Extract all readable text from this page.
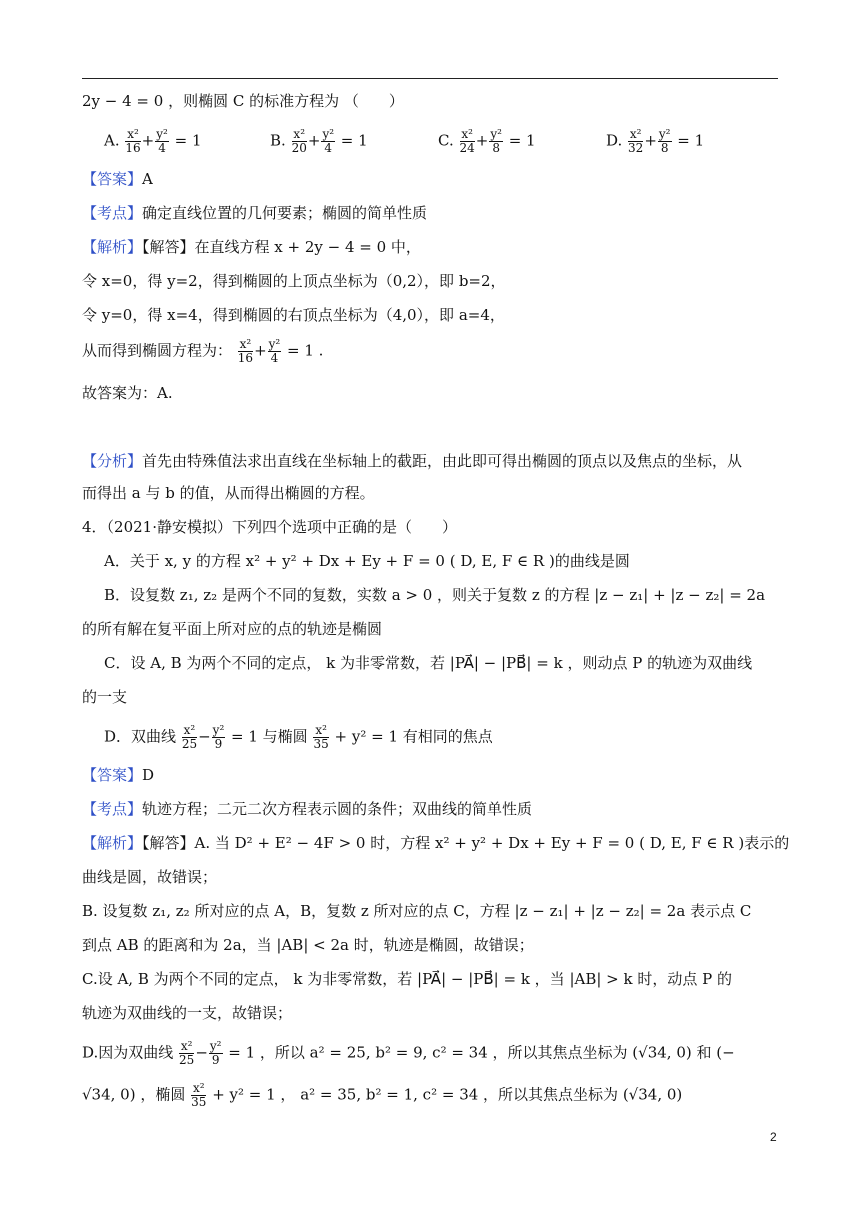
2y − 4 = 0 ，则椭圆 C 的标准方程为 （　　）
A. $\frac{\text{x²}}{16} + \frac{\text{y²}}{4} = 1$	B. $\frac{\text{x²}}{20} + \frac{\text{y²}}{4} = 1$	C. $\frac{\text{x²}}{24} + \frac{\text{y²}}{8} = 1$	D. $\frac{\text{x²}}{32} + \frac{\text{y²}}{8} = 1$
【答案】A
【考点】确定直线位置的几何要素；椭圆的简单性质
【解析】【解答】在直线方程 x + 2y − 4 = 0 中，
令 x=0，得 y=2，得到椭圆的上顶点坐标为（0,2），即 b=2，
令 y=0，得 x=4，得到椭圆的右顶点坐标为（4,0），即 a=4，
从而得到椭圆方程为： $\frac{\text{x²}}{16} + \frac{\text{y²}}{4} = 1$ .
故答案为：A.
【分析】首先由特殊值法求出直线在坐标轴上的截距，由此即可得出椭圆的顶点以及焦点的坐标，从
而得出 a 与 b 的值，从而得出椭圆的方程。
4．（2021·静安模拟）下列四个选项中正确的是（　　）
A．关于 x, y 的方程 x² + y² + Dx + Ey + F = 0 ( D, E, F ∈ R )的曲线是圆
B．设复数 z₁, z₂ 是两个不同的复数，实数 a > 0 ，则关于复数 z 的方程 |z − z₁| + |z − z₂| = 2a
的所有解在复平面上所对应的点的轨迹是椭圆
C．设 A, B 为两个不同的定点， k 为非零常数，若 |PA⃗| − |PB⃗| = k ，则动点 P 的轨迹为双曲线
的一支
D．双曲线 $\frac{\text{x²}}{25} - \frac{\text{y²}}{9} = 1$ 与椭圆 $\frac{\text{x²}}{35} + y^2 = 1$ 有相同的焦点
【答案】D
【考点】轨迹方程；二元二次方程表示圆的条件；双曲线的简单性质
【解析】【解答】A. 当 D² + E² − 4F > 0 时，方程 x² + y² + Dx + Ey + F = 0 ( D, E, F ∈ R )表示的
曲线是圆，故错误；
B. 设复数 z₁, z₂ 所对应的点 A，B，复数 z 所对应的点 C，方程 |z − z₁| + |z − z₂| = 2a 表示点 C
到点 AB 的距离和为 2a，当 |AB| < 2a 时，轨迹是椭圆，故错误；
C.设 A, B 为两个不同的定点， k 为非零常数，若 |PA⃗| − |PB⃗| = k ，当 |AB| > k 时，动点 P 的
轨迹为双曲线的一支，故错误；
D.因为双曲线 $\frac{\text{x²}}{25} - \frac{\text{y²}}{9} = 1$ ，所以 a² = 25, b² = 9, c² = 34 ，所以其焦点坐标为 (√34, 0) 和 (−
√34, 0) ，椭圆 $\frac{\text{x²}}{35} + y^2 = 1$ ， a² = 35, b² = 1, c² = 34 ，所以其焦点坐标为 (√34, 0)
2
